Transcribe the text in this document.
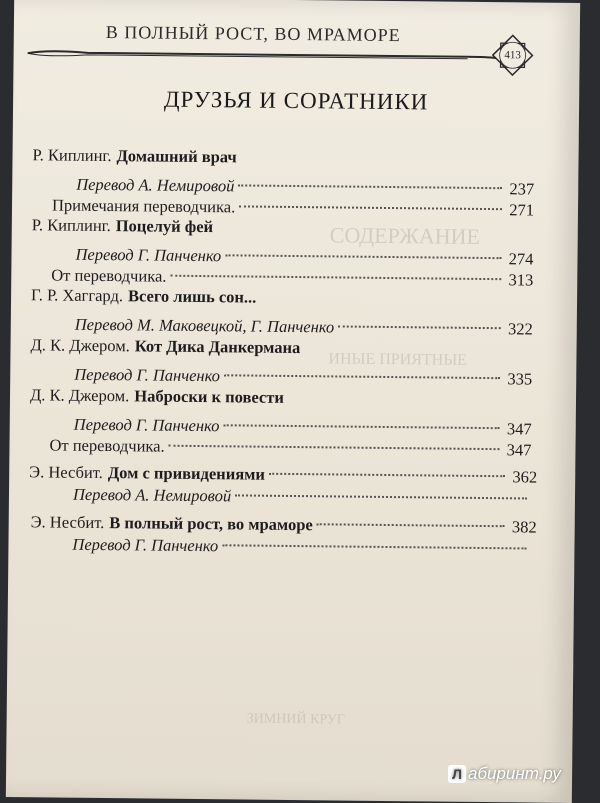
В ПОЛНЫЙ РОСТ, ВО МРАМОРЕ
413
ДРУЗЬЯ И СОРАТНИКИ
СОДЕРЖАНИЕ
ИНЫЕ ПРИЯТНЫЕ
ЗИМНИЙ КРУГ
Р. Киплинг. Домашний врач
Перевод А. Немировой	237
Примечания переводчика.	271
Р. Киплинг. Поцелуй фей
Перевод Г. Панченко	274
От переводчика.	313
Г. Р. Хаггард. Всего лишь сон...
Перевод М. Маковецкой, Г. Панченко	322
Д. К. Джером. Кот Дика Данкермана
Перевод Г. Панченко	335
Д. К. Джером. Наброски к повести
Перевод Г. Панченко	347
От переводчика.	347
Э. Несбит. Дом с привидениями	362
Перевод А. Немировой
Э. Несбит. В полный рост, во мраморе	382
Перевод Г. Панченко
Л абиринт.ру
